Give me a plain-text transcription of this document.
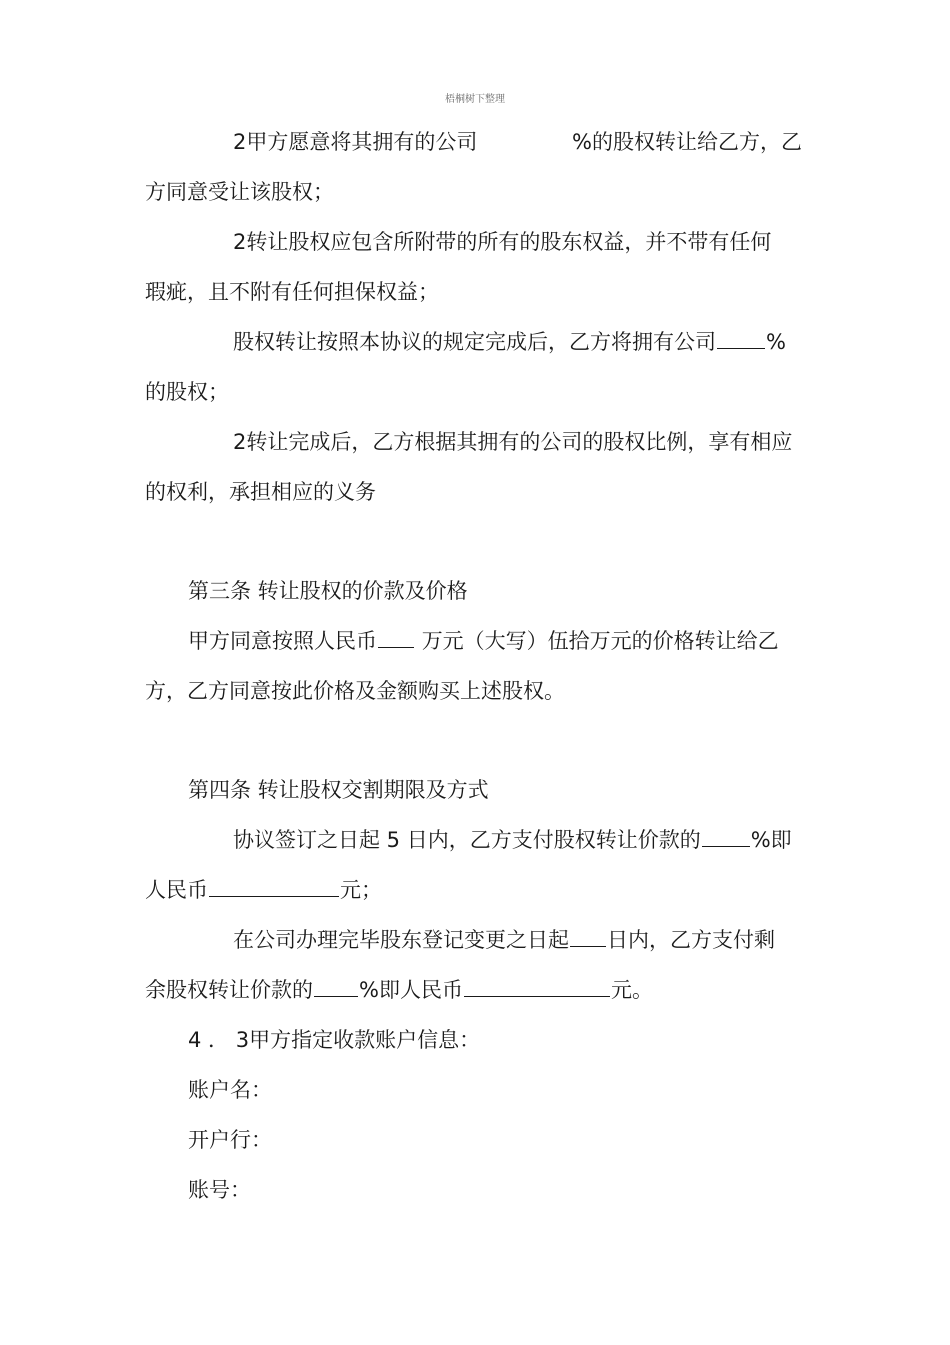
梧桐树下整理
2甲方愿意将其拥有的公司	%的股权转让给乙方，乙
方同意受让该股权；
2转让股权应包含所附带的所有的股东权益，并不带有任何
瑕疵，且不附有任何担保权益；
股权转让按照本协议的规定完成后，乙方将拥有公司 %
的股权；
2转让完成后，乙方根据其拥有的公司的股权比例，享有相应
的权利，承担相应的义务
第三条 转让股权的价款及价格
甲方同意按照人民币 万元（大写）伍拾万元的价格转让给乙
方，乙方同意按此价格及金额购买上述股权。
第四条 转让股权交割期限及方式
协议签订之日起 5 日内，乙方支付股权转让价款的 %即
人民币	元；
在公司办理完毕股东登记变更之日起 日内，乙方支付剩
余股权转让价款的 %即人民币	元。
4 ． 3甲方指定收款账户信息：
账户名：
开户行：
账号：
